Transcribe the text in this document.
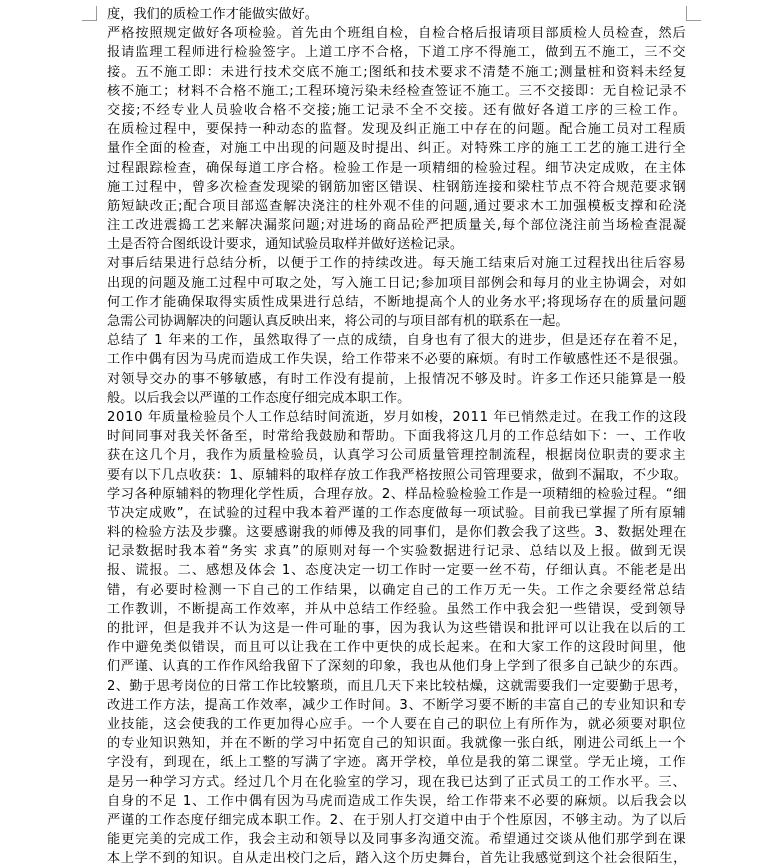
度，我们的质检工作才能做实做好。
严格按照规定做好各项检验。首先由个班组自检，自检合格后报请项目部质检人员检查，然后
报请监理工程师进行检验签字。上道工序不合格，下道工序不得施工，做到五不施工，三不交
接。五不施工即：未进行技术交底不施工;图纸和技术要求不清楚不施工;测量桩和资料未经复
核不施工；材料不合格不施工;工程环境污染未经检查签证不施工。三不交接即：无自检记录不
交接;不经专业人员验收合格不交接;施工记录不全不交接。还有做好各道工序的三检工作。
在质检过程中，要保持一种动态的监督。发现及纠正施工中存在的问题。配合施工员对工程质
量作全面的检查，对施工中出现的问题及时提出、纠正。对特殊工序的施工工艺的施工进行全
过程跟踪检查，确保每道工序合格。检验工作是一项精细的检验过程。细节决定成败，在主体
施工过程中，曾多次检查发现梁的钢筋加密区错误、柱钢筋连接和梁柱节点不符合规范要求钢
筋短缺改正;配合项目部巡查解决浇注的柱外观不佳的问题,通过要求木工加强模板支撑和砼浇
注工改进震捣工艺来解决漏浆问题;对进场的商品砼严把质量关,每个部位浇注前当场检查混凝
土是否符合图纸设计要求，通知试验员取样并做好送检记录。
对事后结果进行总结分析，以便于工作的持续改进。每天施工结束后对施工过程找出往后容易
出现的问题及施工过程中可取之处，写入施工日记;参加项目部例会和每月的业主协调会，对如
何工作才能确保取得实质性成果进行总结，不断地提高个人的业务水平;将现场存在的质量问题
急需公司协调解决的问题认真反映出来，将公司的与项目部有机的联系在一起。
总结了 1 年来的工作，虽然取得了一点的成绩，自身也有了很大的进步，但是还存在着不足，
工作中偶有因为马虎而造成工作失误，给工作带来不必要的麻烦。有时工作敏感性还不是很强。
对领导交办的事不够敏感，有时工作没有提前，上报情况不够及时。许多工作还只能算是一般
般。以后我会以严谨的工作态度仔细完成本职工作。
2010 年质量检验员个人工作总结时间流逝，岁月如梭，2011 年已悄然走过。在我工作的这段
时间同事对我关怀备至，时常给我鼓励和帮助。下面我将这几月的工作总结如下：一、工作收
获在这几个月，我作为质量检验员，认真学习公司质量管理控制流程，根据岗位职责的要求主
要有以下几点收获：1、原辅料的取样存放工作我严格按照公司管理要求，做到不漏取，不少取。
学习各种原辅料的物理化学性质，合理存放。2、样品检验检验工作是一项精细的检验过程。“细
节决定成败”，在试验的过程中我本着严谨的工作态度做每一项试验。目前我已掌握了所有原辅
料的检验方法及步骤。这要感谢我的师傅及我的同事们，是你们教会我了这些。3、数据处理在
记录数据时我本着“务实 求真”的原则对每一个实验数据进行记录、总结以及上报。做到无误
报、谎报。二、感想及体会 1、态度决定一切工作时一定要一丝不苟，仔细认真。不能老是出
错，有必要时检测一下自己的工作结果，以确定自己的工作万无一失。工作之余要经常总结
工作教训，不断提高工作效率，并从中总结工作经验。虽然工作中我会犯一些错误，受到领导
的批评，但是我并不认为这是一件可耻的事，因为我认为这些错误和批评可以让我在以后的工
作中避免类似错误，而且可以让我在工作中更快的成长起来。在和大家工作的这段时间里，他
们严谨、认真的工作作风给我留下了深刻的印象，我也从他们身上学到了很多自己缺少的东西。
2、勤于思考岗位的日常工作比较繁琐，而且几天下来比较枯燥，这就需要我们一定要勤于思考，
改进工作方法，提高工作效率，减少工作时间。3、不断学习要不断的丰富自己的专业知识和专
业技能，这会使我的工作更加得心应手。一个人要在自己的职位上有所作为，就必须要对职位
的专业知识熟知，并在不断的学习中拓宽自己的知识面。我就像一张白纸，刚进公司纸上一个
字没有，到现在，纸上工整的写满了字迹。离开学校，单位是我的第二课堂。学无止境，工作
是另一种学习方式。经过几个月在化验室的学习，现在我已达到了正式员工的工作水平。三、
自身的不足 1、工作中偶有因为马虎而造成工作失误，给工作带来不必要的麻烦。以后我会以
严谨的工作态度仔细完成本职工作。2、在于别人打交道中由于个性原因，不够主动。为了以后
能更完美的完成工作，我会主动和领导以及同事多沟通交流。希望通过交谈从他们那学到在课
本上学不到的知识。自从走出校门之后，踏入这个历史舞台，首先让我感觉到这个社会很陌生，
